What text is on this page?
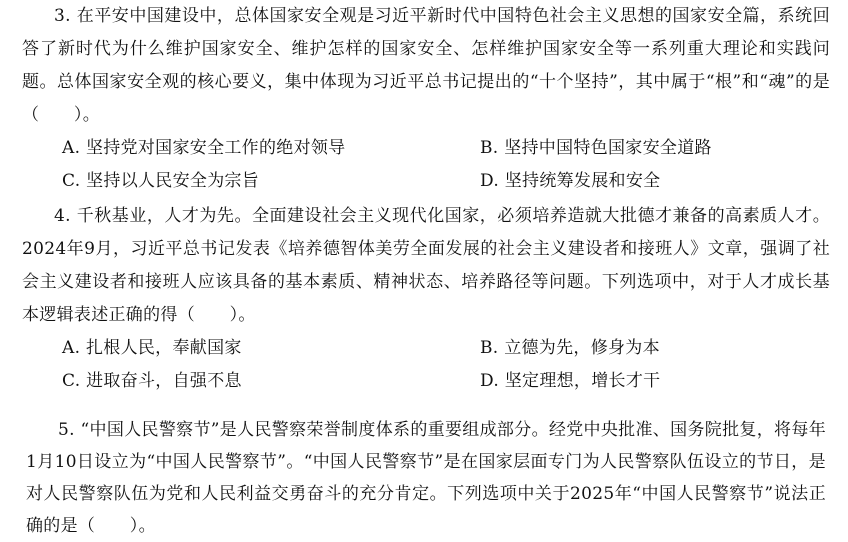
3. 在平安中国建设中，总体国家安全观是习近平新时代中国特色社会主义思想的国家安全篇，系统回答了新时代为什么维护国家安全、维护怎样的国家安全、怎样维护国家安全等一系列重大理论和实践问题。总体国家安全观的核心要义，集中体现为习近平总书记提出的“十个坚持”，其中属于“根”和“魂”的是（　　）。

A. 坚持党对国家安全工作的绝对领导	B. 坚持中国特色国家安全道路
C. 坚持以人民安全为宗旨	D. 坚持统筹发展和安全

4. 千秋基业，人才为先。全面建设社会主义现代化国家，必须培养造就大批德才兼备的高素质人才。2024年9月，习近平总书记发表《培养德智体美劳全面发展的社会主义建设者和接班人》文章，强调了社会主义建设者和接班人应该具备的基本素质、精神状态、培养路径等问题。下列选项中，对于人才成长基本逻辑表述正确的得（　　）。

A. 扎根人民，奉献国家	B. 立德为先，修身为本
C. 进取奋斗，自强不息	D. 坚定理想，增长才干

5. “中国人民警察节”是人民警察荣誉制度体系的重要组成部分。经党中央批准、国务院批复，将每年1月10日设立为“中国人民警察节”。“中国人民警察节”是在国家层面专门为人民警察队伍设立的节日，是对人民警察队伍为党和人民利益交勇奋斗的充分肯定。下列选项中关于2025年“中国人民警察节”说法正确的是（　　）。
